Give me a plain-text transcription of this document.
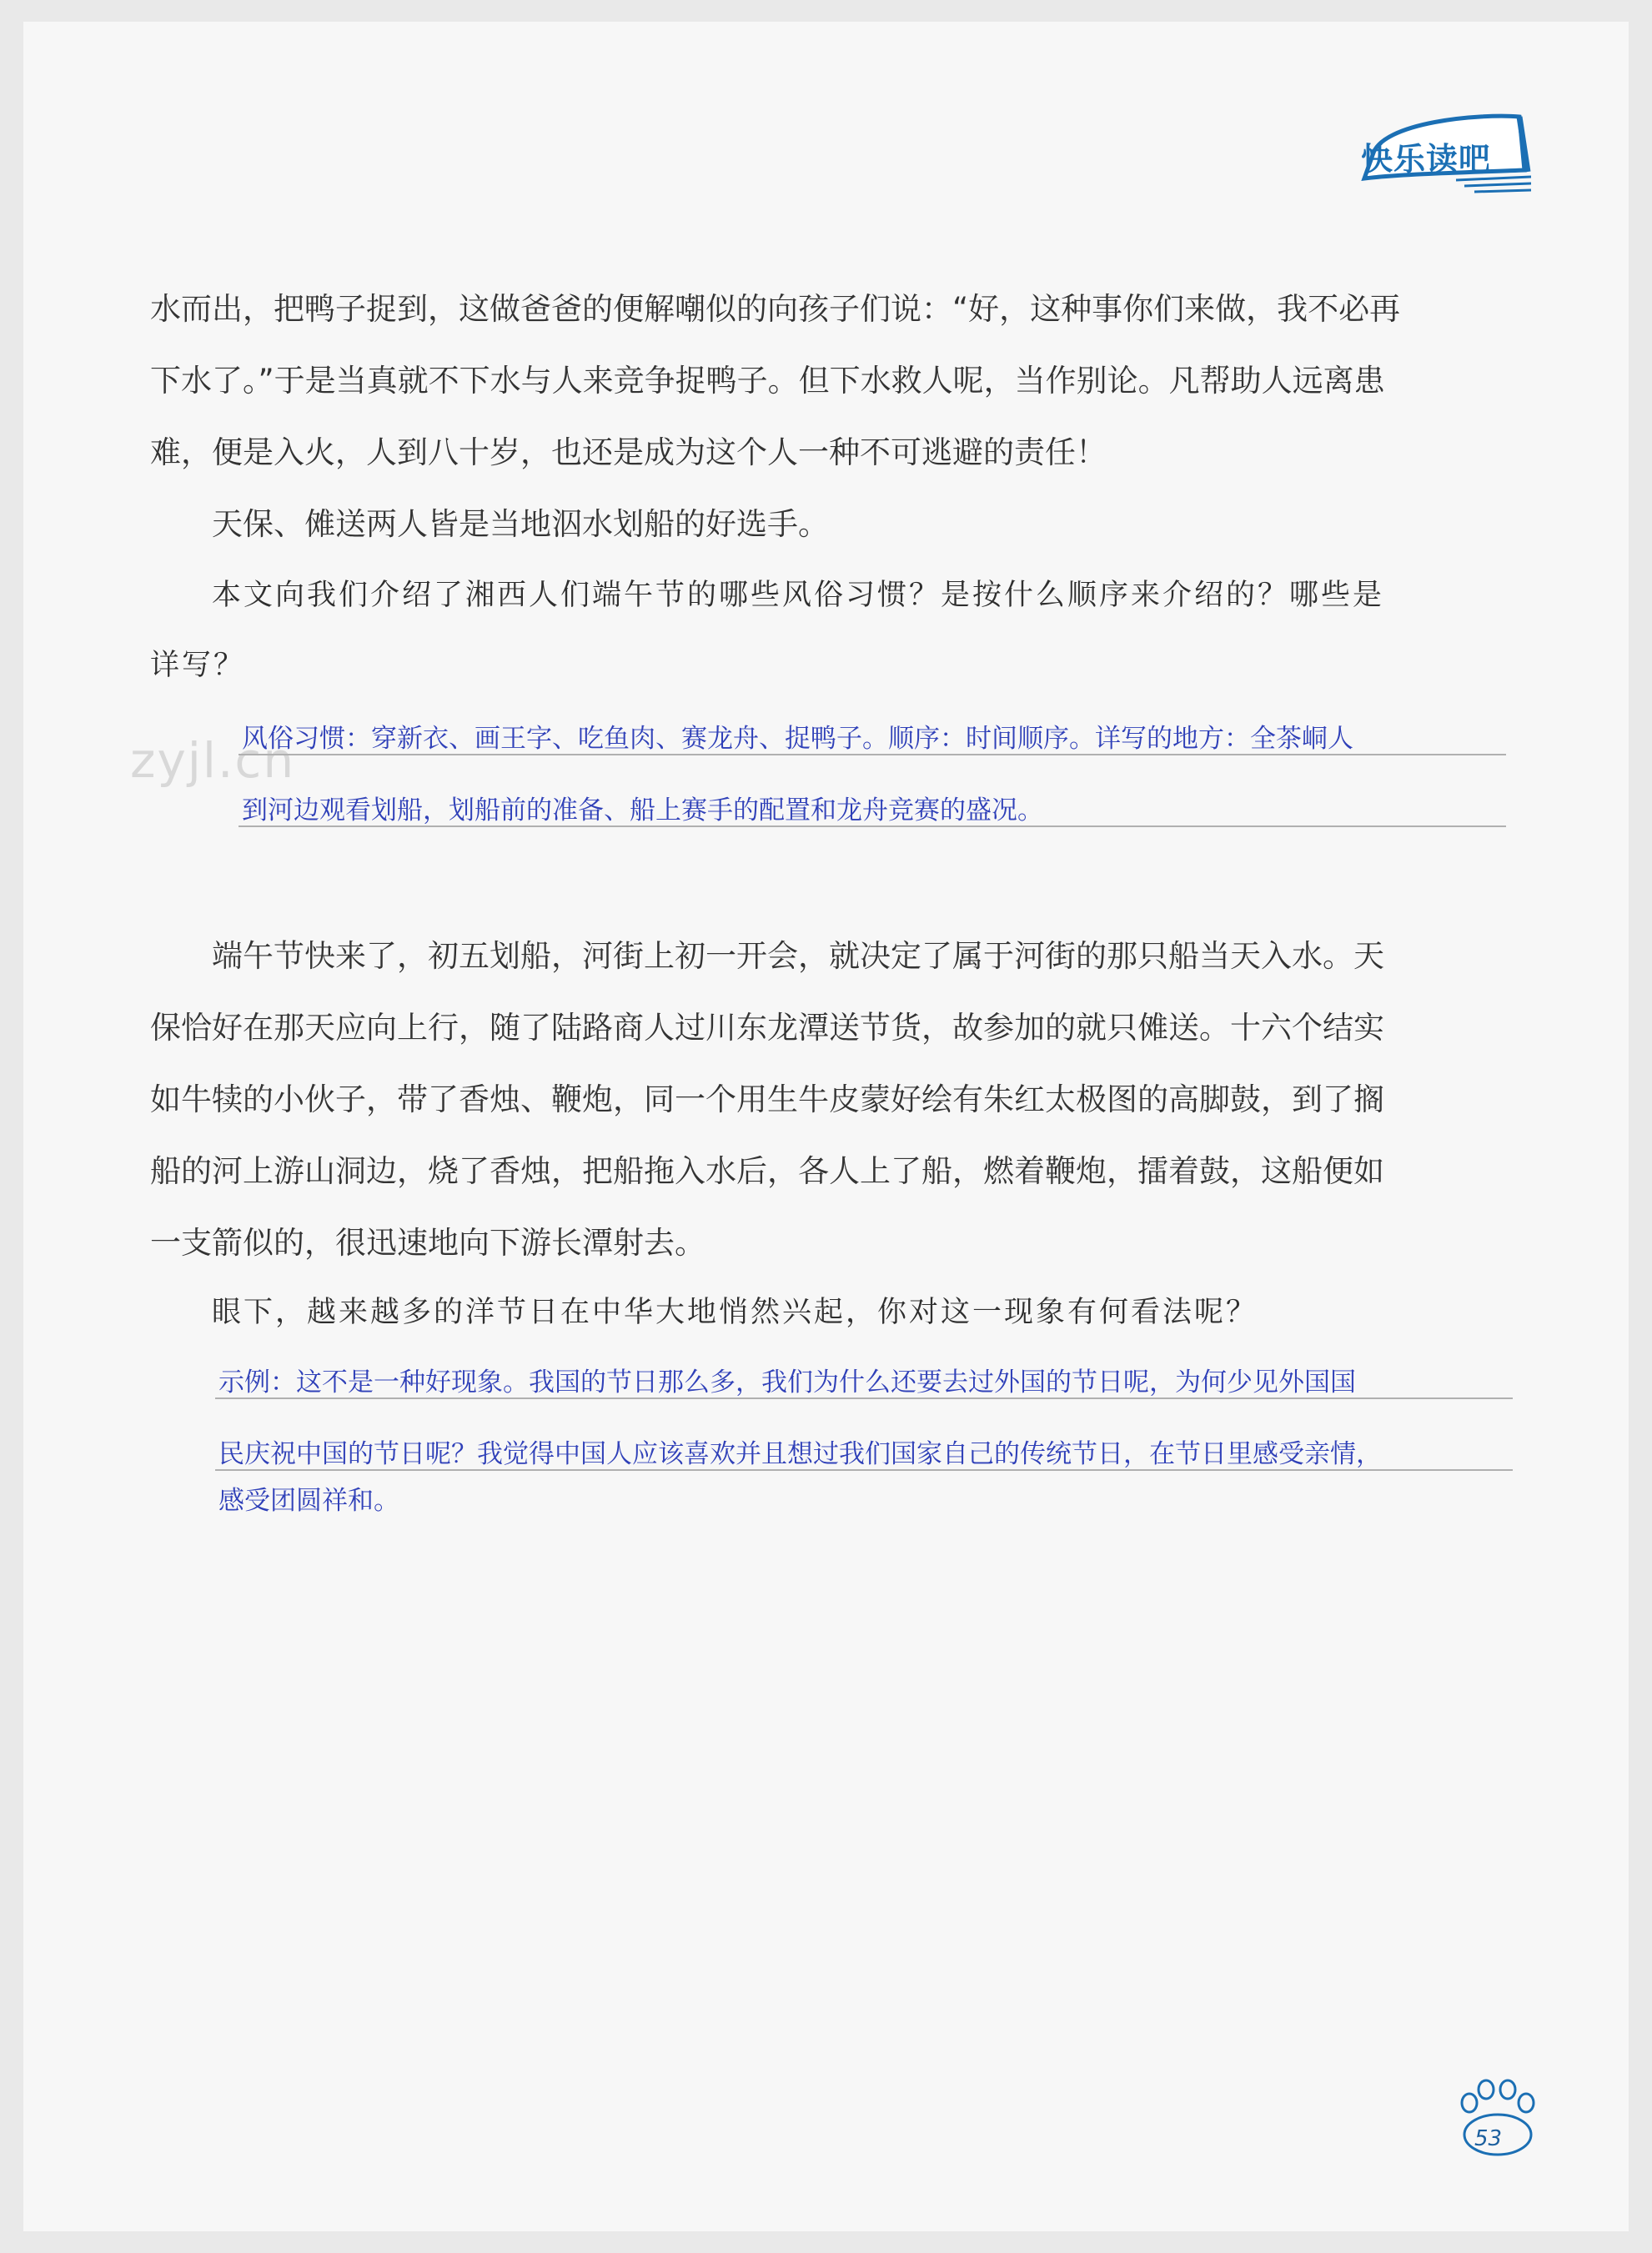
快乐读吧
zyjl.cn
水而出，把鸭子捉到，这做爸爸的便解嘲似的向孩子们说：“好，这种事你们来做，我不必再
下水了。”于是当真就不下水与人来竞争捉鸭子。但下水救人呢，当作别论。凡帮助人远离患
难，便是入火，人到八十岁，也还是成为这个人一种不可逃避的责任！
天保、傩送两人皆是当地泅水划船的好选手。
本文向我们介绍了湘西人们端午节的哪些风俗习惯？是按什么顺序来介绍的？哪些是
详写？
风俗习惯：穿新衣、画王字、吃鱼肉、赛龙舟、捉鸭子。顺序：时间顺序。详写的地方：全茶峒人
到河边观看划船，划船前的准备、船上赛手的配置和龙舟竞赛的盛况。
端午节快来了，初五划船，河街上初一开会，就决定了属于河街的那只船当天入水。天
保恰好在那天应向上行，随了陆路商人过川东龙潭送节货，故参加的就只傩送。十六个结实
如牛犊的小伙子，带了香烛、鞭炮，同一个用生牛皮蒙好绘有朱红太极图的高脚鼓，到了搁
船的河上游山洞边，烧了香烛，把船拖入水后，各人上了船，燃着鞭炮，擂着鼓，这船便如
一支箭似的，很迅速地向下游长潭射去。
眼下，越来越多的洋节日在中华大地悄然兴起，你对这一现象有何看法呢？
示例：这不是一种好现象。我国的节日那么多，我们为什么还要去过外国的节日呢，为何少见外国国
民庆祝中国的节日呢？我觉得中国人应该喜欢并且想过我们国家自己的传统节日，在节日里感受亲情，
感受团圆祥和。
53
